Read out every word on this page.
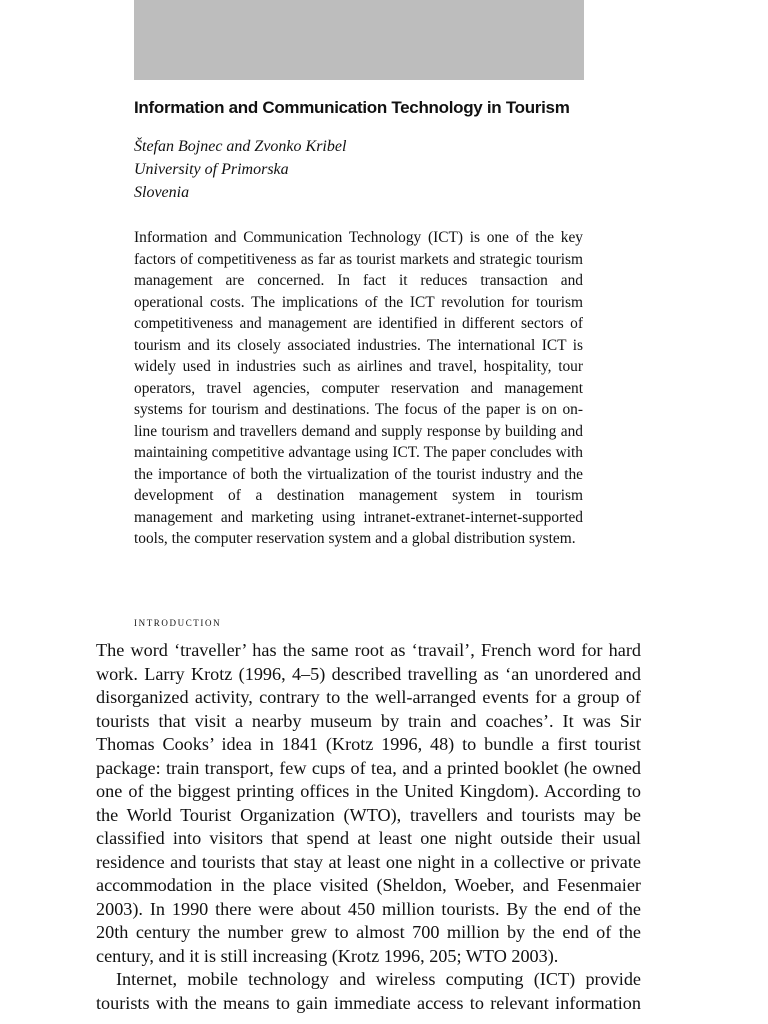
Information and Communication Technology in Tourism
Štefan Bojnec and Zvonko Kribel
University of Primorska
Slovenia

Information and Communication Technology (ICT) is one of the key factors of competitiveness as far as tourist markets and strategic tourism management are concerned. In fact it reduces transaction and operational costs. The implications of the ICT revolution for tourism competitiveness and management are identified in different sectors of tourism and its closely associated industries. The international ICT is widely used in industries such as airlines and travel, hospitality, tour operators, travel agencies, computer reservation and management systems for tourism and destinations. The focus of the paper is on on-line tourism and travellers demand and supply response by building and maintaining competitive advantage using ICT. The paper concludes with the importance of both the virtualization of the tourist industry and the development of a destination management system in tourism management and marketing using intranet-extranet-internet-supported tools, the computer reservation system and a global distribution system.

introduction

The word ‘traveller’ has the same root as ‘travail’, French word for hard work. Larry Krotz (1996, 4–5) described travelling as ‘an unordered and disorganized activity, contrary to the well-arranged events for a group of tourists that visit a nearby museum by train and coaches’. It was Sir Thomas Cooks’ idea in 1841 (Krotz 1996, 48) to bundle a first tourist package: train transport, few cups of tea, and a printed booklet (he owned one of the biggest printing offices in the United Kingdom). According to the World Tourist Organization (WTO), travellers and tourists may be classified into visitors that spend at least one night outside their usual residence and tourists that stay at least one night in a collective or private accommodation in the place visited (Sheldon, Woeber, and Fesenmaier 2003). In 1990 there were about 450 million tourists. By the end of the 20th century the number grew to almost 700 million by the end of the century, and it is still increasing (Krotz 1996, 205; WTO 2003).

Internet, mobile technology and wireless computing (ICT) provide tourists with the means to gain immediate access to relevant information
